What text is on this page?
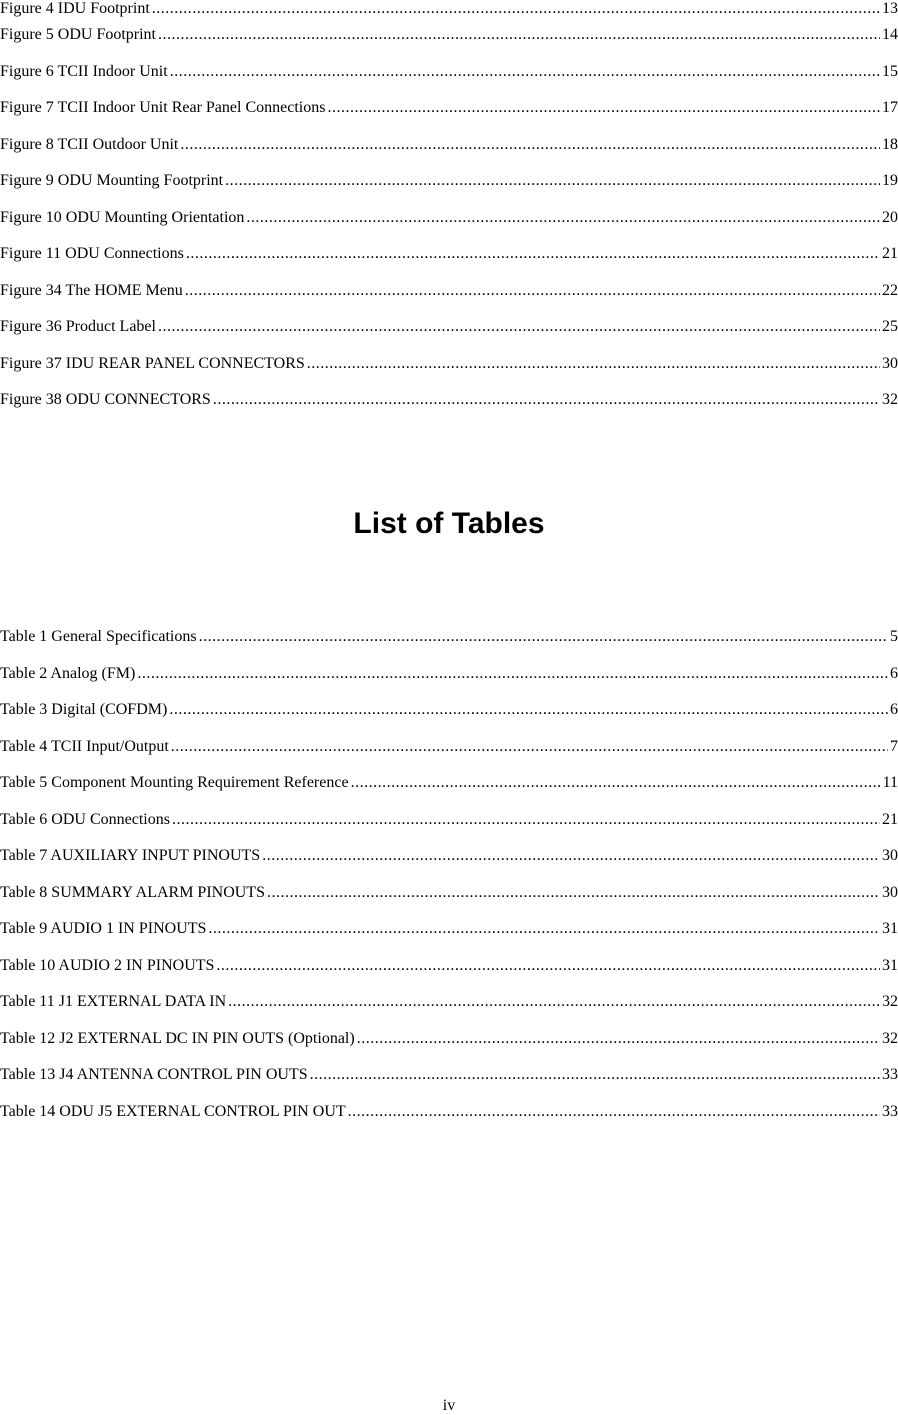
Figure 4 IDU Footprint .....	13
Figure 5 ODU Footprint .....	14
Figure 6 TCII Indoor Unit .....	15
Figure 7 TCII Indoor Unit Rear Panel Connections .....	17
Figure 8 TCII Outdoor Unit .....	18
Figure 9 ODU Mounting Footprint .....	19
Figure 10 ODU Mounting Orientation .....	20
Figure 11 ODU Connections .....	21
Figure 34 The HOME Menu .....	22
Figure 36 Product Label .....	25
Figure 37 IDU REAR PANEL CONNECTORS .....	30
Figure 38 ODU CONNECTORS .....	32
List of Tables
Table 1 General Specifications .....	5
Table 2 Analog (FM) .....	6
Table 3 Digital (COFDM) .....	6
Table 4 TCII Input/Output .....	7
Table 5 Component Mounting Requirement Reference .....	11
Table 6 ODU Connections .....	21
Table 7 AUXILIARY INPUT PINOUTS .....	30
Table 8 SUMMARY ALARM PINOUTS .....	30
Table 9 AUDIO 1 IN PINOUTS .....	31
Table 10 AUDIO 2 IN PINOUTS .....	31
Table 11 J1 EXTERNAL DATA IN .....	32
Table 12 J2 EXTERNAL DC IN PIN OUTS (Optional) .....	32
Table 13 J4 ANTENNA CONTROL PIN OUTS .....	33
Table 14 ODU J5 EXTERNAL CONTROL PIN OUT .....	33
iv
